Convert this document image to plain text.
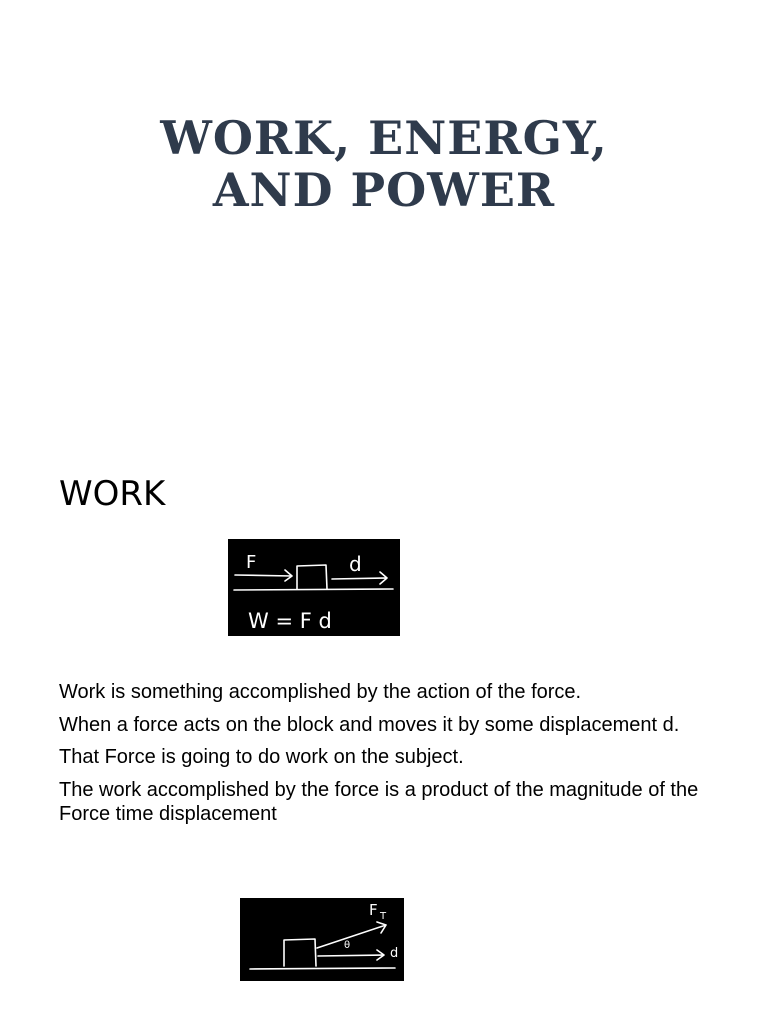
WORK, ENERGY,
AND POWER
WORK
F	d
W = F d

Work is something accomplished by the action of the force.

When a force acts on the block and moves it by some displacement d.

That Force is going to do work on the subject.

The work accomplished by the force is a product of the magnitude of the Force time displacement

F T
θ
d
